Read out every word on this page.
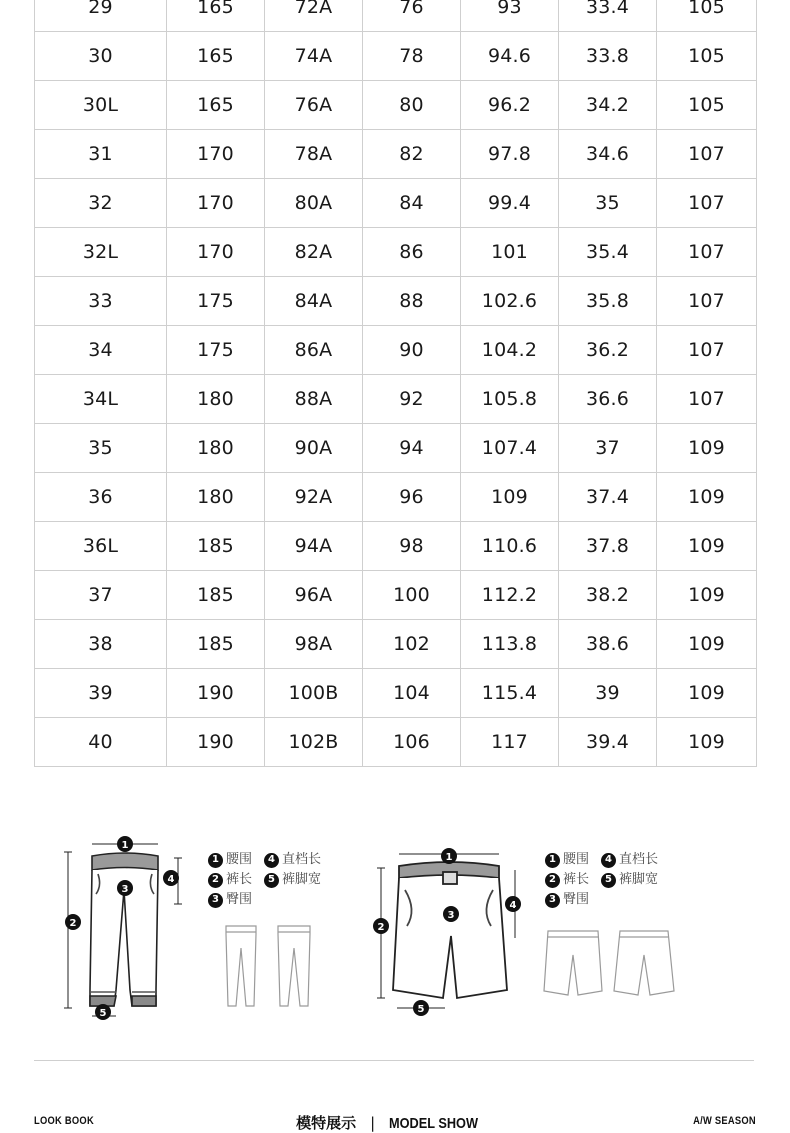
29	165	72A	76	93	33.4	105
30	165	74A	78	94.6	33.8	105
30L	165	76A	80	96.2	34.2	105
31	170	78A	82	97.8	34.6	107
32	170	80A	84	99.4	35	107
32L	170	82A	86	101	35.4	107
33	175	84A	88	102.6	35.8	107
34	175	86A	90	104.2	36.2	107
34L	180	88A	92	105.8	36.6	107
35	180	90A	94	107.4	37	109
36	180	92A	96	109	37.4	109
36L	185	94A	98	110.6	37.8	109
37	185	96A	100	112.2	38.2	109
38	185	98A	102	113.8	38.6	109
39	190	100B	104	115.4	39	109
40	190	102B	106	117	39.4	109
1
2
3
4
5
1 腰围	4 直档长
2 裤长	5 裤脚宽
3 臀围
1
2
3
4
5
1 腰围	4 直档长
2 裤长	5 裤脚宽
3 臀围
LOOK BOOK	模特展示 | MODEL SHOW	A/W SEASON
